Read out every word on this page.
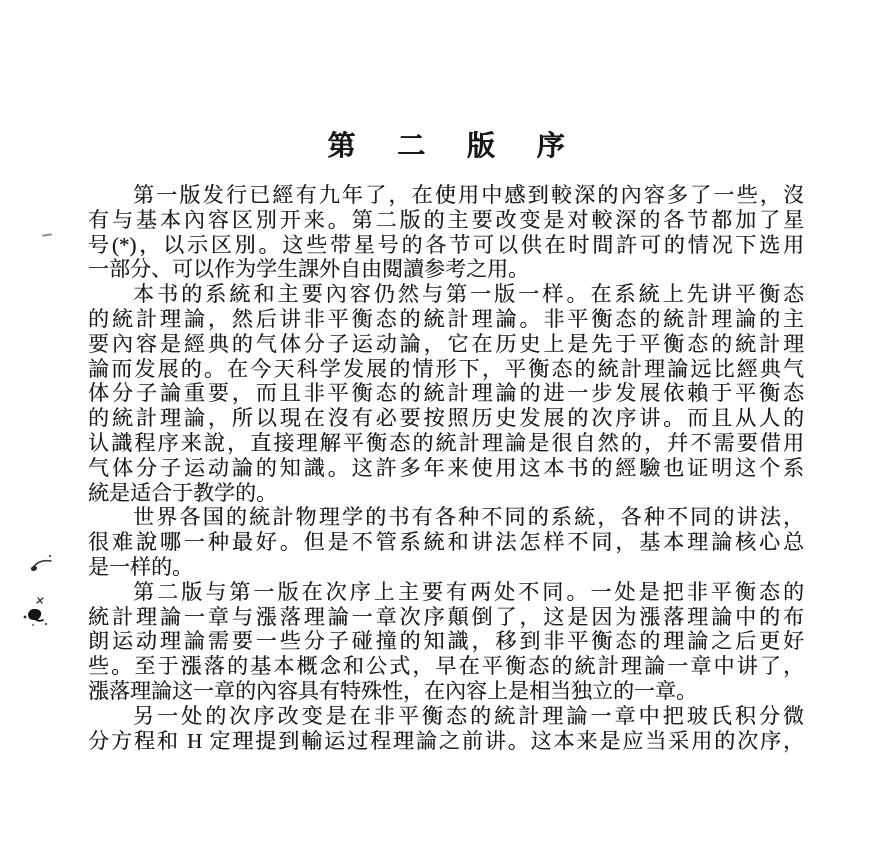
第 二 版 序
第一版发行已經有九年了，在使用中感到較深的內容多了一些，沒
有与基本內容区別开来。第二版的主要改变是对較深的各节都加了星
号(*)，以示区別。这些带星号的各节可以供在时間許可的情况下选用
一部分、可以作为学生課外自由閱讀参考之用。
本书的系統和主要內容仍然与第一版一样。在系統上先讲平衡态
的統計理論，然后讲非平衡态的統計理論。非平衡态的統計理論的主
要內容是經典的气体分子运动論，它在历史上是先于平衡态的統計理
論而发展的。在今天科学发展的情形下，平衡态的統計理論远比經典气
体分子論重要，而且非平衡态的統計理論的进一步发展依賴于平衡态
的統計理論，所以現在沒有必要按照历史发展的次序讲。而且从人的
认識程序来說，直接理解平衡态的統計理論是很自然的，幷不需要借用
气体分子运动論的知識。这許多年来使用这本书的經驗也证明这个系
統是适合于教学的。
世界各国的統計物理学的书有各种不同的系統，各种不同的讲法，
很难說哪一种最好。但是不管系統和讲法怎样不同，基本理論核心总
是一样的。
第二版与第一版在次序上主要有两处不同。一处是把非平衡态的
統計理論一章与漲落理論一章次序顛倒了，这是因为漲落理論中的布
朗运动理論需要一些分子碰撞的知識，移到非平衡态的理論之后更好
些。至于漲落的基本概念和公式，早在平衡态的統計理論一章中讲了，
漲落理論这一章的內容具有特殊性，在內容上是相当独立的一章。
另一处的次序改变是在非平衡态的統計理論一章中把玻氏积分微
分方程和 H 定理提到輸运过程理論之前讲。这本来是应当采用的次序，
